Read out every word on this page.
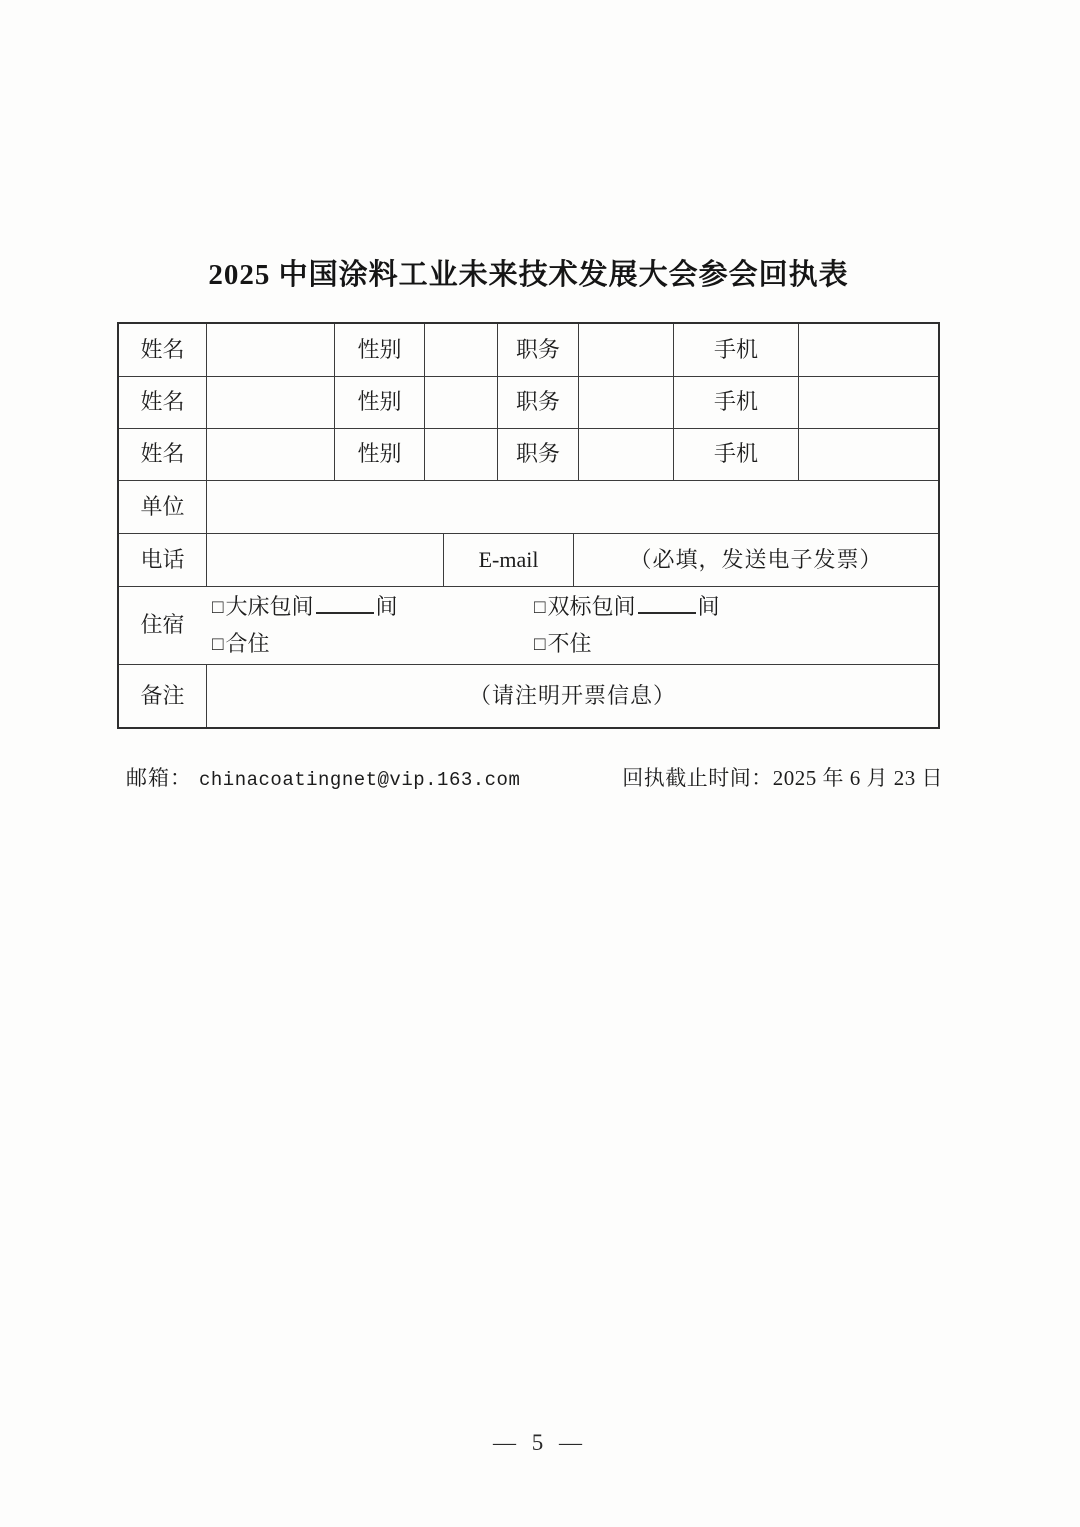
2025 中国涂料工业未来技术发展大会参会回执表
姓名	性别	职务	手机
姓名	性别	职务	手机
姓名	性别	职务	手机
单位
电话	E-mail	（必填，发送电子发票）
住宿
□大床包间	间	□双标包间	间
□合住	□不住
备注	（请注明开票信息）
邮箱： chinacoatingnet@vip.163.com	回执截止时间：2025 年 6 月 23 日
— 5 —
